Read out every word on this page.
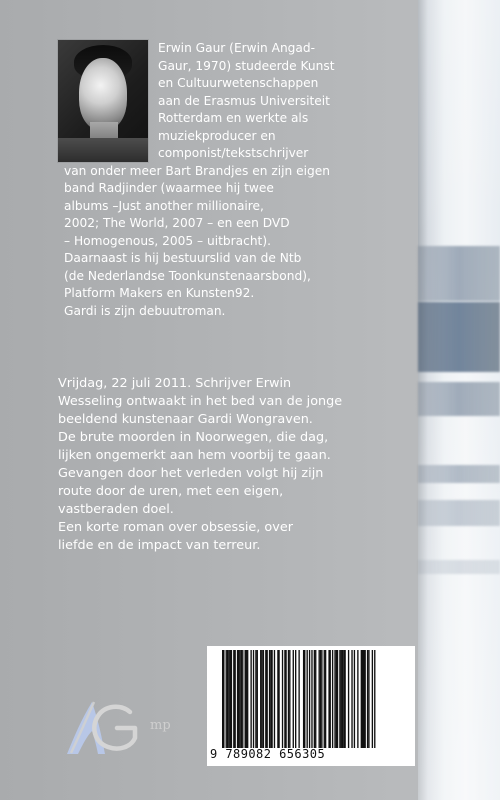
Erwin Gaur (Erwin Angad-
Gaur, 1970) studeerde Kunst
en Cultuurwetenschappen
aan de Erasmus Universiteit
Rotterdam en werkte als
muziekproducer en
componist/tekstschrijver
van onder meer Bart Brandjes en zijn eigen
band Radjinder (waarmee hij twee
albums –Just another millionaire,
2002; The World, 2007 – en een DVD
– Homogenous, 2005 – uitbracht).
Daarnaast is hij bestuurslid van de Ntb
(de Nederlandse Toonkunstenaarsbond),
Platform Makers en Kunsten92.
Gardi is zijn debuutroman.
Vrijdag, 22 juli 2011. Schrijver Erwin
Wesseling ontwaakt in het bed van de jonge
beeldend kunstenaar Gardi Wongraven.
De brute moorden in Noorwegen, die dag,
lijken ongemerkt aan hem voorbij te gaan.
Gevangen door het verleden volgt hij zijn
route door de uren, met een eigen,
vastberaden doel.
Een korte roman over obsessie, over
liefde en de impact van terreur.
mp
9 789082 656305
